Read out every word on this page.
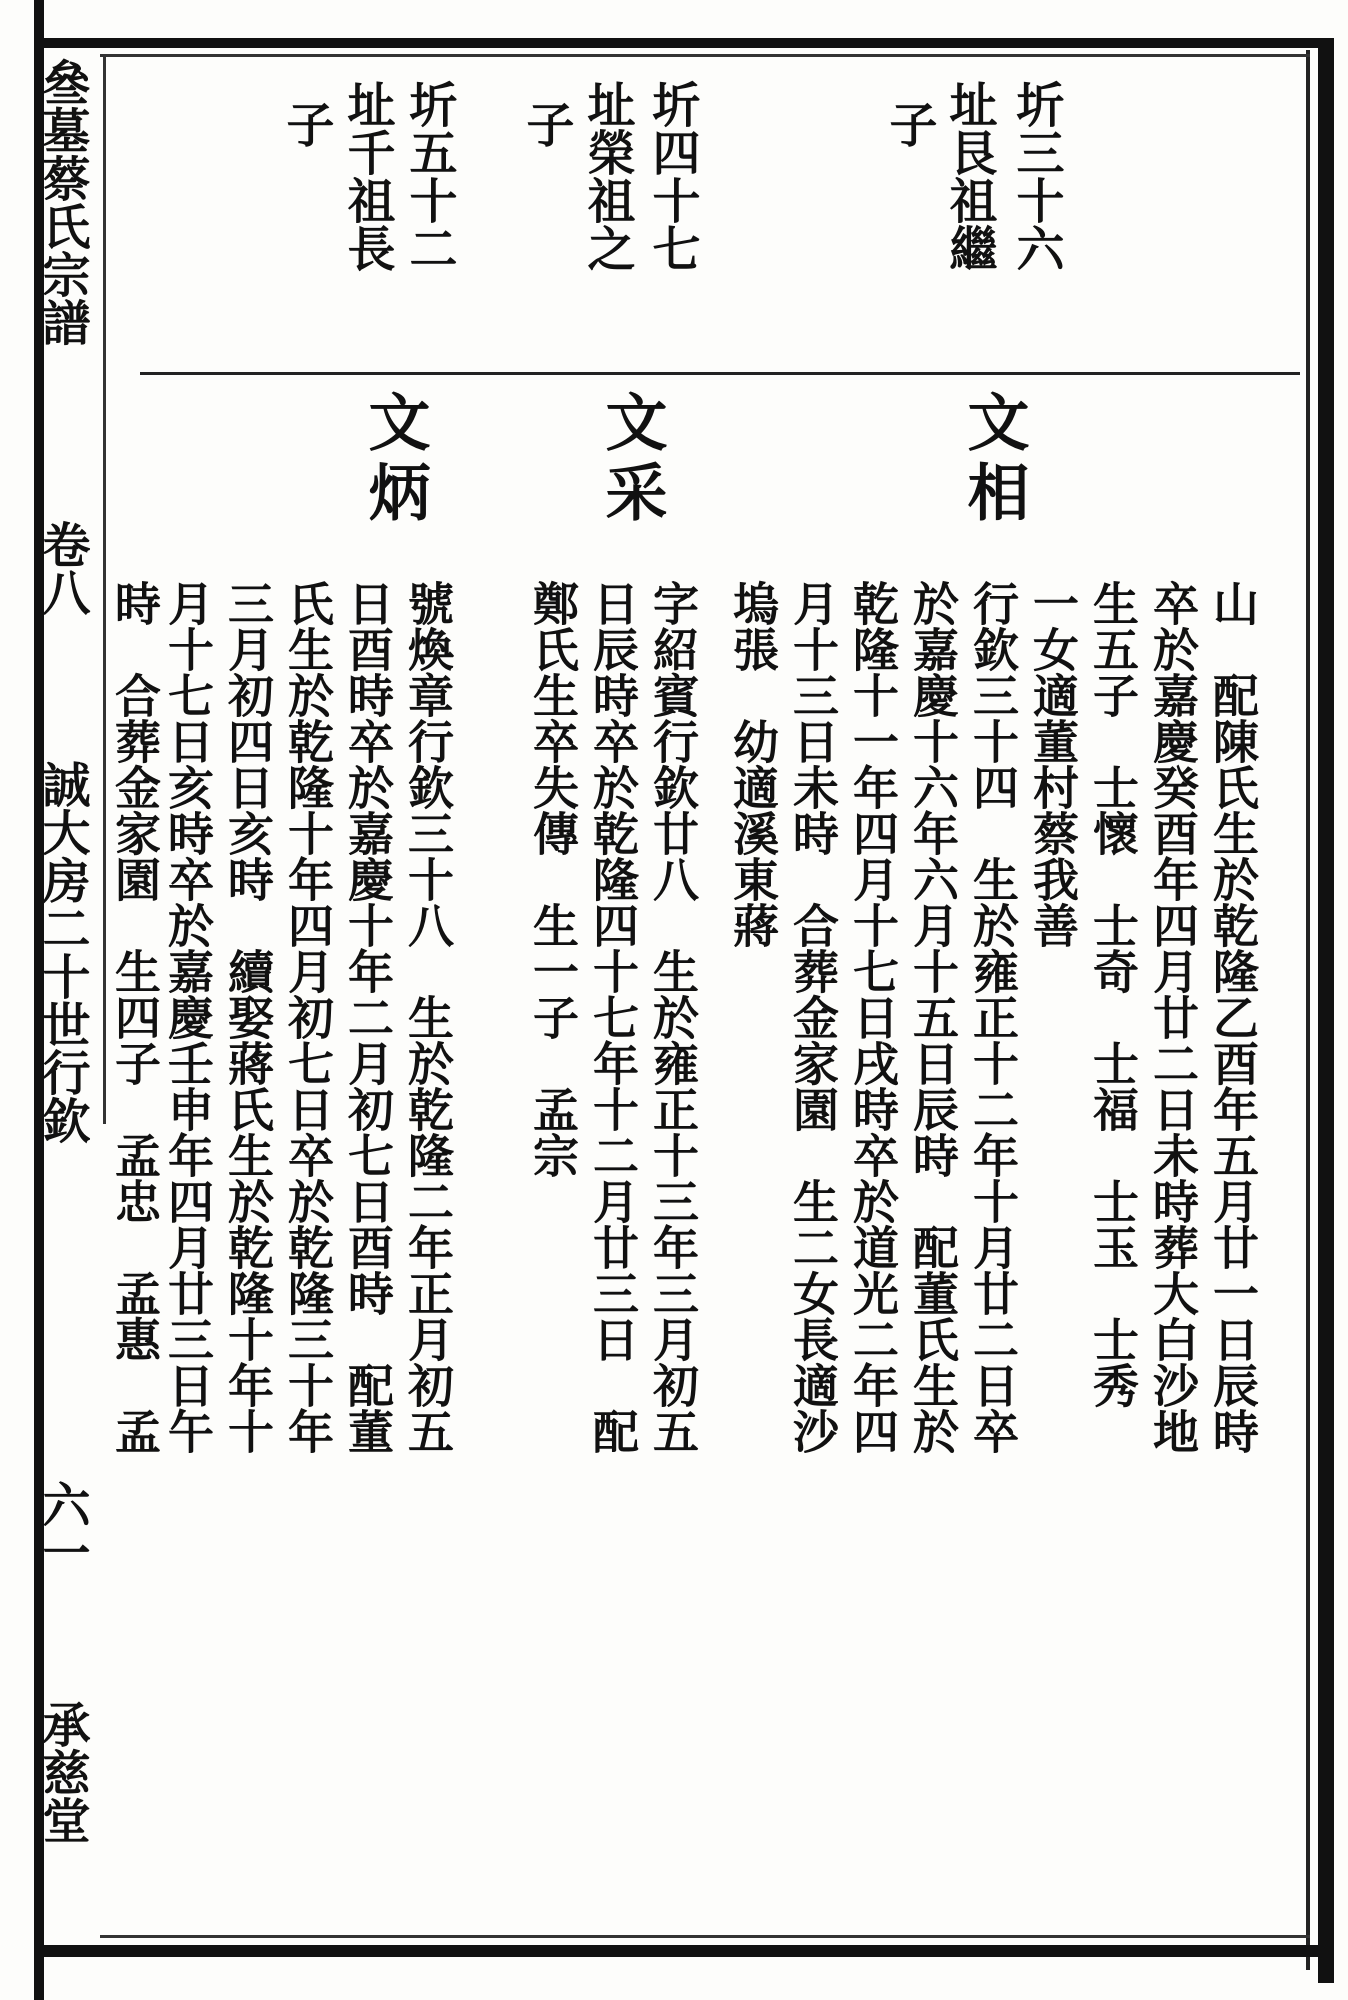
叄墓蔡氏宗譜
卷八
誠大房二十世行欽
六一
承慈堂
圻三十六
址艮祖繼
子
圻四十七
址榮祖之
子
圻五十二
址千祖長
子
文相
文采
文炳
山　配陳氏生於乾隆乙酉年五月廿一日辰時
卒於嘉慶癸酉年四月廿二日未時葬大白沙地
生五子　士懷　士奇　士福　士玉　士秀
一女適董村蔡我善
行欽三十四　生於雍正十二年十月廿二日卒
於嘉慶十六年六月十五日辰時　配董氏生於
乾隆十一年四月十七日戌時卒於道光二年四
月十三日未時　合葬金家園　生二女長適沙
塢張　幼適溪東蔣
字紹賓行欽廿八　生於雍正十三年三月初五
日辰時卒於乾隆四十七年十二月廿三日　配
鄭氏生卒失傳　生一子　孟宗
號煥章行欽三十八　生於乾隆二年正月初五
日酉時卒於嘉慶十年二月初七日酉時　配董
氏生於乾隆十年四月初七日卒於乾隆三十年
三月初四日亥時　續娶蔣氏生於乾隆十年十
月十七日亥時卒於嘉慶壬申年四月廿三日午
時　合葬金家園　生四子　孟忠　孟惠　孟
